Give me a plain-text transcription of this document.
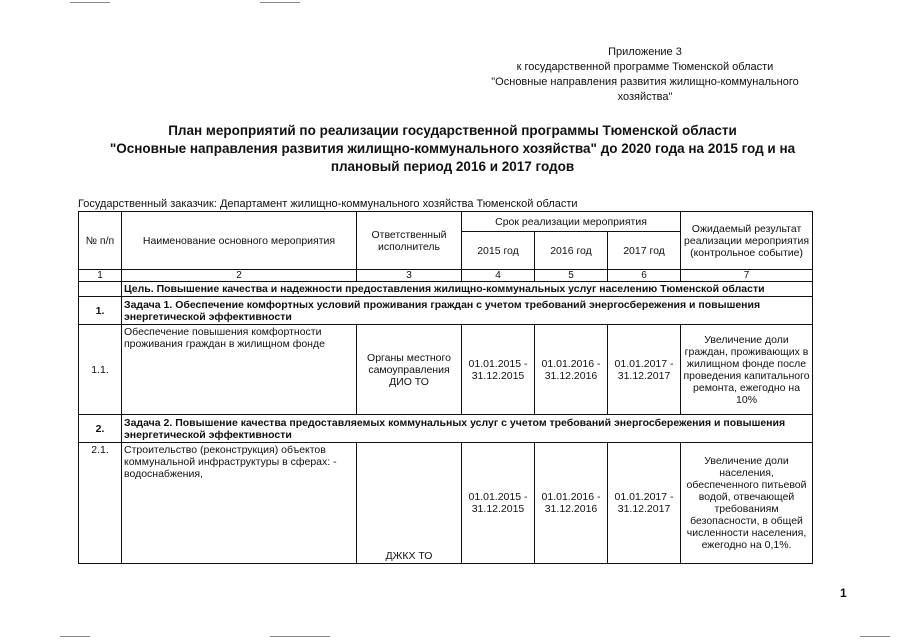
Приложение 3
к государственной программе Тюменской области
"Основные направления развития жилищно-коммунального
хозяйства"
План мероприятий по реализации государственной программы Тюменской области
"Основные направления развития жилищно-коммунального хозяйства" до 2020 года на 2015 год и на
плановый период 2016 и 2017 годов
Государственный заказчик: Департамент жилищно-коммунального хозяйства Тюменской области
№ п/п	Наименование основного мероприятия	Ответственный исполнитель	Срок реализации мероприятия			Ожидаемый результат реализации мероприятия (контрольное событие)
			2015 год	2016 год	2017 год	
1	2	3	4	5	6	7
	Цель. Повышение качества и надежности предоставления жилищно-коммунальных услуг населению Тюменской области					
1.	Задача 1. Обеспечение комфортных условий проживания граждан с учетом требований энергосбережения и повышения энергетической эффективности					
1.1.	Обеспечение повышения комфортности проживания граждан в жилищном фонде	Органы местного самоуправления ДИО ТО	01.01.2015 - 31.12.2015	01.01.2016 - 31.12.2016	01.01.2017 - 31.12.2017	Увеличение доли граждан, проживающих в жилищном фонде после проведения капитального ремонта, ежегодно на 10%
2.	Задача 2. Повышение качества предоставляемых коммунальных услуг с учетом требований энергосбережения и повышения энергетической эффективности					
2.1.	Строительство (реконструкция) объектов коммунальной инфраструктуры в сферах: - водоснабжения,	ДЖКХ ТО	01.01.2015 - 31.12.2015	01.01.2016 - 31.12.2016	01.01.2017 - 31.12.2017	Увеличение доли населения, обеспеченного питьевой водой, отвечающей требованиям безопасности, в общей численности населения, ежегодно на 0,1%.
1
